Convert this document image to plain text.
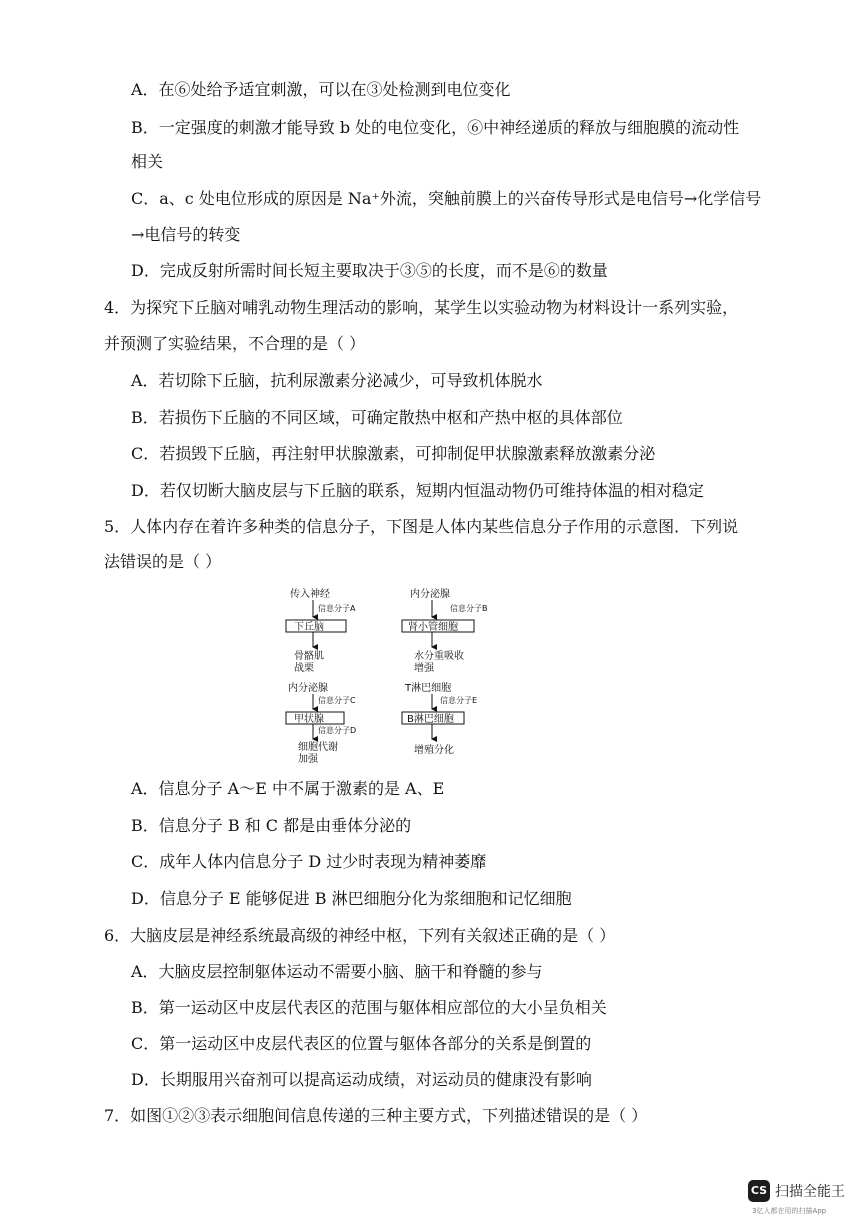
A．在⑥处给予适宜刺激，可以在③处检测到电位变化
B．一定强度的刺激才能导致 b 处的电位变化，⑥中神经递质的释放与细胞膜的流动性
相关
C．a、c 处电位形成的原因是 Na⁺外流，突触前膜上的兴奋传导形式是电信号→化学信号
→电信号的转变
D．完成反射所需时间长短主要取决于③⑤的长度，而不是⑥的数量
4．为探究下丘脑对哺乳动物生理活动的影响，某学生以实验动物为材料设计一系列实验，
并预测了实验结果，不合理的是（ ）
A．若切除下丘脑，抗利尿激素分泌减少，可导致机体脱水
B．若损伤下丘脑的不同区域，可确定散热中枢和产热中枢的具体部位
C．若损毁下丘脑，再注射甲状腺激素，可抑制促甲状腺激素释放激素分泌
D．若仅切断大脑皮层与下丘脑的联系，短期内恒温动物仍可维持体温的相对稳定
5．人体内存在着许多种类的信息分子，下图是人体内某些信息分子作用的示意图．下列说
法错误的是（ ）
传入神经
信息分子A
下丘脑
骨骼肌
战栗
内分泌腺
信息分子B
肾小管细胞
水分重吸收
增强
内分泌腺
信息分子C
甲状腺
信息分子D
细胞代谢
加强
T淋巴细胞
信息分子E
B淋巴细胞
增殖分化
A．信息分子 A～E 中不属于激素的是 A、E
B．信息分子 B 和 C 都是由垂体分泌的
C．成年人体内信息分子 D 过少时表现为精神萎靡
D．信息分子 E 能够促进 B 淋巴细胞分化为浆细胞和记忆细胞
6．大脑皮层是神经系统最高级的神经中枢，下列有关叙述正确的是（ ）
A．大脑皮层控制躯体运动不需要小脑、脑干和脊髓的参与
B．第一运动区中皮层代表区的范围与躯体相应部位的大小呈负相关
C．第一运动区中皮层代表区的位置与躯体各部分的关系是倒置的
D．长期服用兴奋剂可以提高运动成绩，对运动员的健康没有影响
7．如图①②③表示细胞间信息传递的三种主要方式，下列描述错误的是（ ）
CS 扫描全能王
3亿人都在用的扫描App
